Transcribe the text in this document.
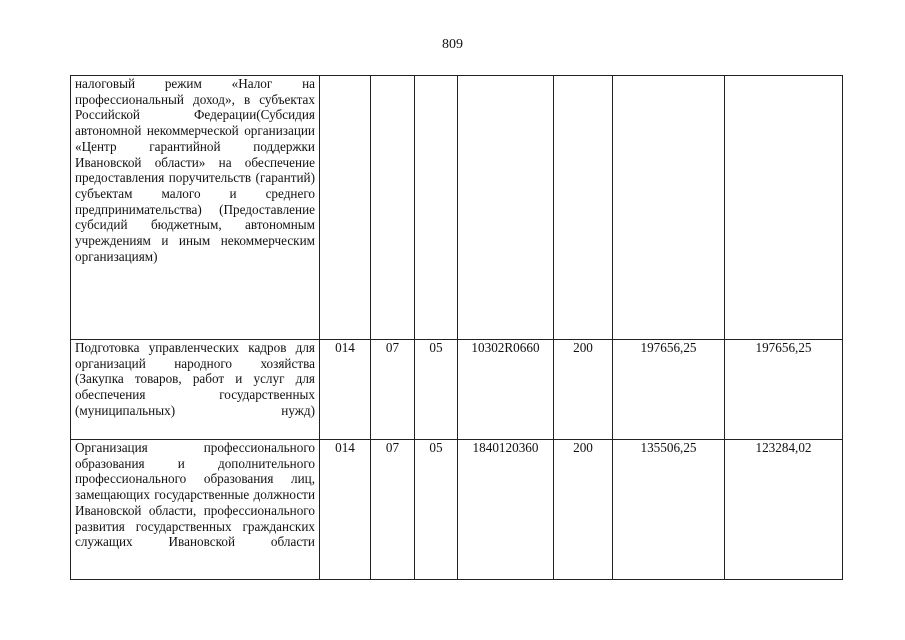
809
налоговый режим «Налог на профессиональный доход», в субъектах Российской Федерации(Субсидия автономной некоммерческой организации «Центр гарантийной поддержки Ивановской области» на обеспечение предоставления поручительств (гарантий) субъектам малого и среднего предпринимательства) (Предоставление субсидий бюджетным, автономным учреждениям и иным некоммерческим организациям)							
Подготовка управленческих кадров для организаций народного хозяйства (Закупка товаров, работ и услуг для обеспечения государственных (муниципальных) нужд)	014	07	05	10302R0660	200	197656,25	197656,25
Организация профессионального образования и дополнительного профессионального образования лиц, замещающих государственные должности Ивановской области, профессионального развития государственных гражданских служащих Ивановской области	014	07	05	1840120360	200	135506,25	123284,02
